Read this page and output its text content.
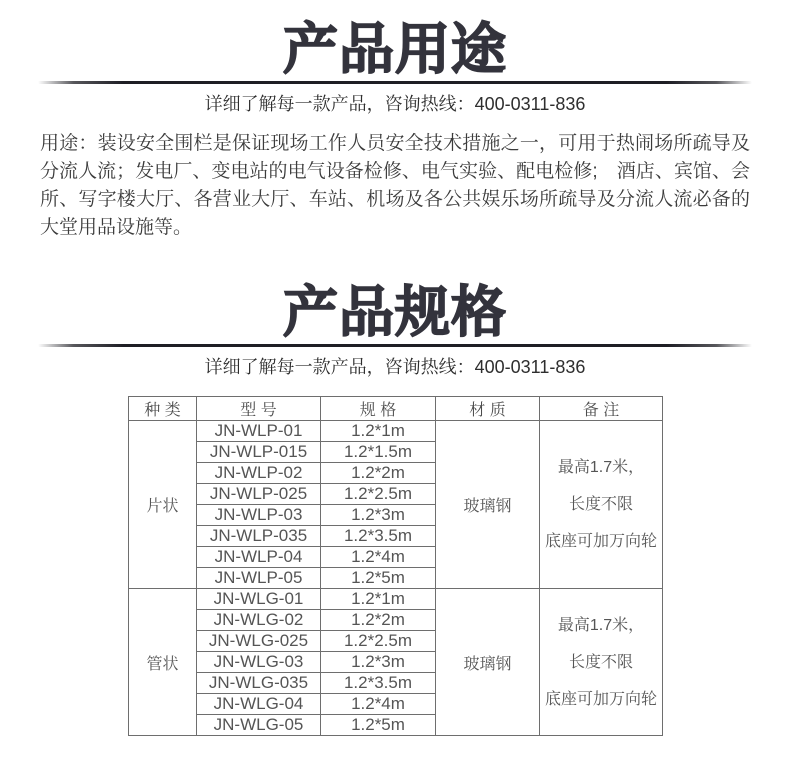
产品用途
详细了解每一款产品，咨询热线：400-0311-836

用途：装设安全围栏是保证现场工作人员安全技术措施之一，可用于热闹场所疏导及分流人流；发电厂、变电站的电气设备检修、电气实验、配电检修;　酒店、宾馆、会所、写字楼大厅、各营业大厅、车站、机场及各公共娱乐场所疏导及分流人流必备的大堂用品设施等。

产品规格
详细了解每一款产品，咨询热线：400-0311-836
种 类	型 号	规 格	材 质	备 注
片状	JN-WLP-01	1.2*1m	玻璃钢	最高1.7米，
长度不限
底座可加万向轮

	JN-WLP-015	1.2*1.5m		
	JN-WLP-02	1.2*2m		
	JN-WLP-025	1.2*2.5m		
	JN-WLP-03	1.2*3m		
	JN-WLP-035	1.2*3.5m		
	JN-WLP-04	1.2*4m		
	JN-WLP-05	1.2*5m		
管状	JN-WLG-01	1.2*1m	玻璃钢	最高1.7米，
长度不限
底座可加万向轮

	JN-WLG-02	1.2*2m		
	JN-WLG-025	1.2*2.5m		
	JN-WLG-03	1.2*3m		
	JN-WLG-035	1.2*3.5m		
	JN-WLG-04	1.2*4m		
	JN-WLG-05	1.2*5m		
